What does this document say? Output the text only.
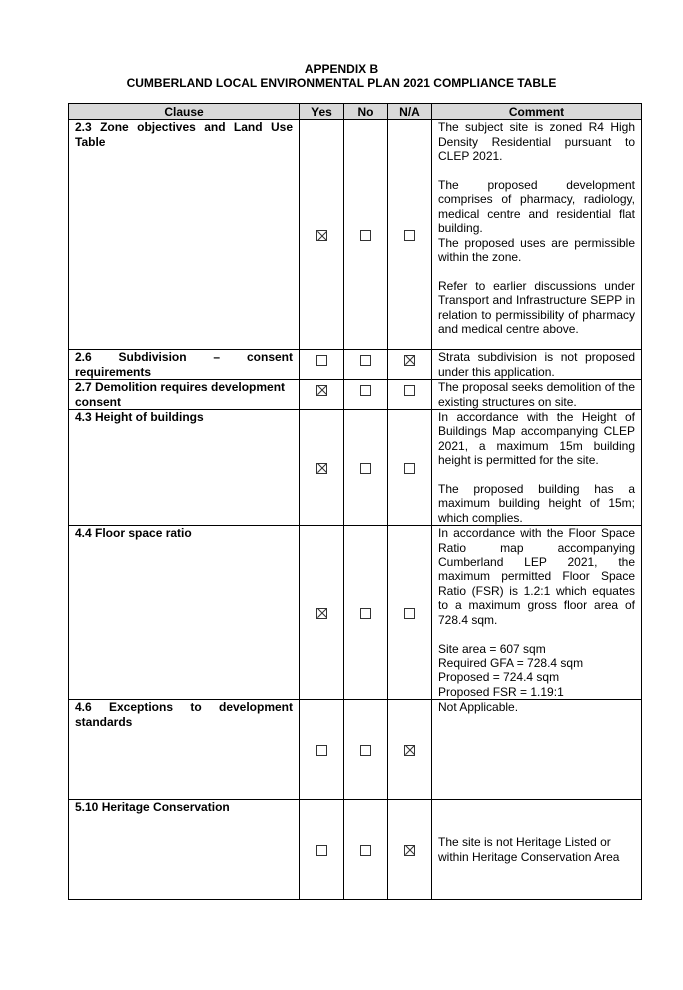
APPENDIX B
CUMBERLAND LOCAL ENVIRONMENTAL PLAN 2021 COMPLIANCE TABLE
Clause	Yes	No	N/A	Comment
2.3 Zone objectives and Land Use Table				The subject site is zoned R4 High Density Residential pursuant to CLEP 2021.

The proposed development comprises of pharmacy, radiology, medical centre and residential flat building.

The proposed uses are permissible within the zone.

Refer to earlier discussions under Transport and Infrastructure SEPP in relation to permissibility of pharmacy and medical centre above.

2.6 Subdivision – consent requirements				Strata subdivision is not proposed under this application.

2.7 Demolition requires development consent				The proposal seeks demolition of the existing structures on site.

4.3 Height of buildings				In accordance with the Height of Buildings Map accompanying CLEP 2021, a maximum 15m building height is permitted for the site.

The proposed building has a maximum building height of 15m; which complies.

4.4 Floor space ratio				In accordance with the Floor Space Ratio map accompanying Cumberland LEP 2021, the maximum permitted Floor Space Ratio (FSR) is 1.2:1 which equates to a maximum gross floor area of 728.4 sqm.

Site area = 607 sqm

Required GFA = 728.4 sqm

Proposed = 724.4 sqm

Proposed FSR = 1.19:1

4.6 Exceptions to development standards				Not Applicable.

5.10 Heritage Conservation				The site is not Heritage Listed or within Heritage Conservation Area
